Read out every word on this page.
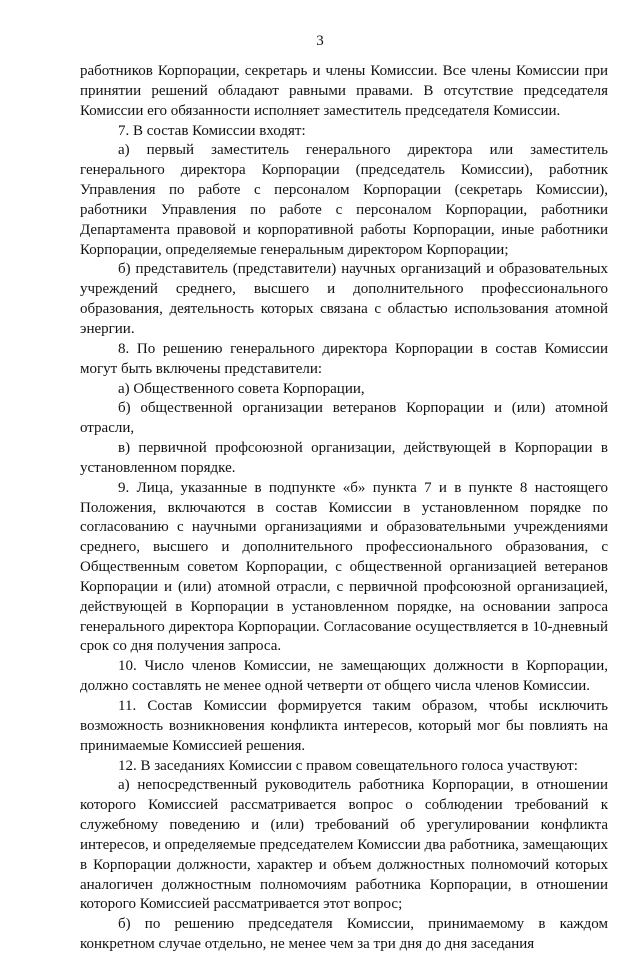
3

работников Корпорации, секретарь и члены Комиссии. Все члены Комиссии при принятии решений обладают равными правами. В отсутствие председателя Комиссии его обязанности исполняет заместитель председателя Комиссии.

7. В состав Комиссии входят:

а) первый заместитель генерального директора или заместитель генерального директора Корпорации (председатель Комиссии), работник Управления по работе с персоналом Корпорации (секретарь Комиссии), работники Управления по работе с персоналом Корпорации, работники Департамента правовой и корпоративной работы Корпорации, иные работники Корпорации, определяемые генеральным директором Корпорации;

б) представитель (представители) научных организаций и образовательных учреждений среднего, высшего и дополнительного профессионального образования, деятельность которых связана с областью использования атомной энергии.

8. По решению генерального директора Корпорации в состав Комиссии могут быть включены представители:

а) Общественного совета Корпорации,

б) общественной организации ветеранов Корпорации и (или) атомной отрасли,

в) первичной профсоюзной организации, действующей в Корпорации в установленном порядке.

9. Лица, указанные в подпункте «б» пункта 7 и в пункте 8 настоящего Положения, включаются в состав Комиссии в установленном порядке по согласованию с научными организациями и образовательными учреждениями среднего, высшего и дополнительного профессионального образования, с Общественным советом Корпорации, с общественной организацией ветеранов Корпорации и (или) атомной отрасли, с первичной профсоюзной организацией, действующей в Корпорации в установленном порядке, на основании запроса генерального директора Корпорации. Согласование осуществляется в 10-дневный срок со дня получения запроса.

10. Число членов Комиссии, не замещающих должности в Корпорации, должно составлять не менее одной четверти от общего числа членов Комиссии.

11. Состав Комиссии формируется таким образом, чтобы исключить возможность возникновения конфликта интересов, который мог бы повлиять на принимаемые Комиссией решения.

12. В заседаниях Комиссии с правом совещательного голоса участвуют:

а) непосредственный руководитель работника Корпорации, в отношении которого Комиссией рассматривается вопрос о соблюдении требований к служебному поведению и (или) требований об урегулировании конфликта интересов, и определяемые председателем Комиссии два работника, замещающих в Корпорации должности, характер и объем должностных полномочий которых аналогичен должностным полномочиям работника Корпорации, в отношении которого Комиссией рассматривается этот вопрос;

б) по решению председателя Комиссии, принимаемому в каждом конкретном случае отдельно, не менее чем за три дня до дня заседания
